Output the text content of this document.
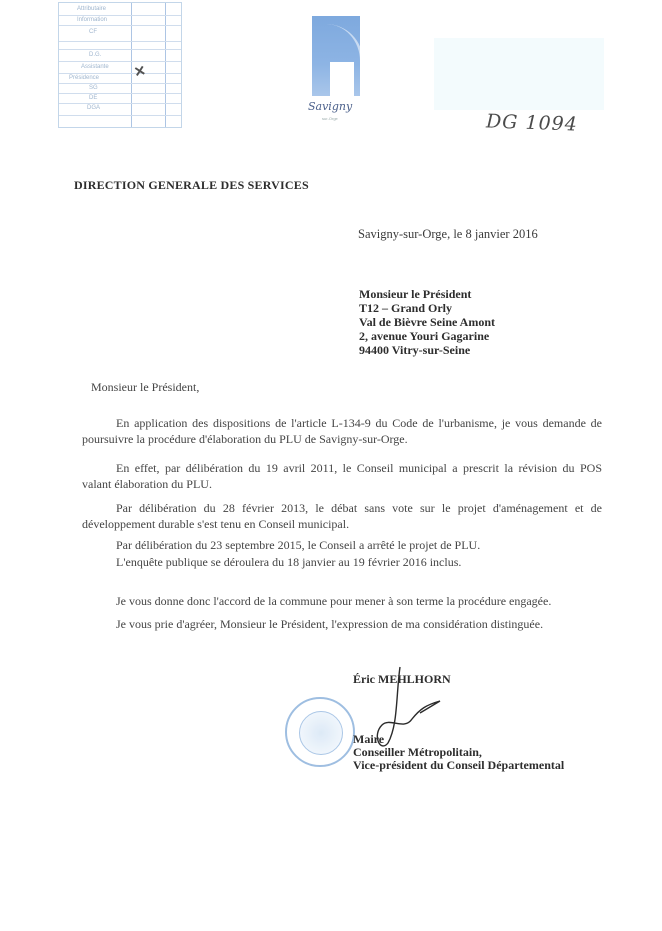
Attributaire
Information
CF
D.G.
Assistante
Présidence
SG
DE
DGA
✕
Savigny
sur-Orge	DG 1094
DIRECTION GENERALE DES SERVICES
Savigny-sur-Orge, le 8 janvier 2016
Monsieur le Président
T12 – Grand Orly
Val de Bièvre Seine Amont
2, avenue Youri Gagarine
94400 Vitry-sur-Seine
Monsieur le Président,
En application des dispositions de l'article L-134-9 du Code de l'urbanisme, je vous demande de
poursuivre la procédure d'élaboration du PLU de Savigny-sur-Orge.
En effet, par délibération du 19 avril 2011, le Conseil municipal a prescrit la révision du POS
valant élaboration du PLU.
Par délibération du 28 février 2013, le débat sans vote sur le projet d'aménagement et de
développement durable s'est tenu en Conseil municipal.
Par délibération du 23 septembre 2015, le Conseil a arrêté le projet de PLU.
L'enquête publique se déroulera du 18 janvier au 19 février 2016 inclus.
Je vous donne donc l'accord de la commune pour mener à son terme la procédure engagée.
Je vous prie d'agréer, Monsieur le Président, l'expression de ma considération distinguée.
Éric MEHLHORN
Maire
Conseiller Métropolitain,
Vice-président du Conseil Départemental
